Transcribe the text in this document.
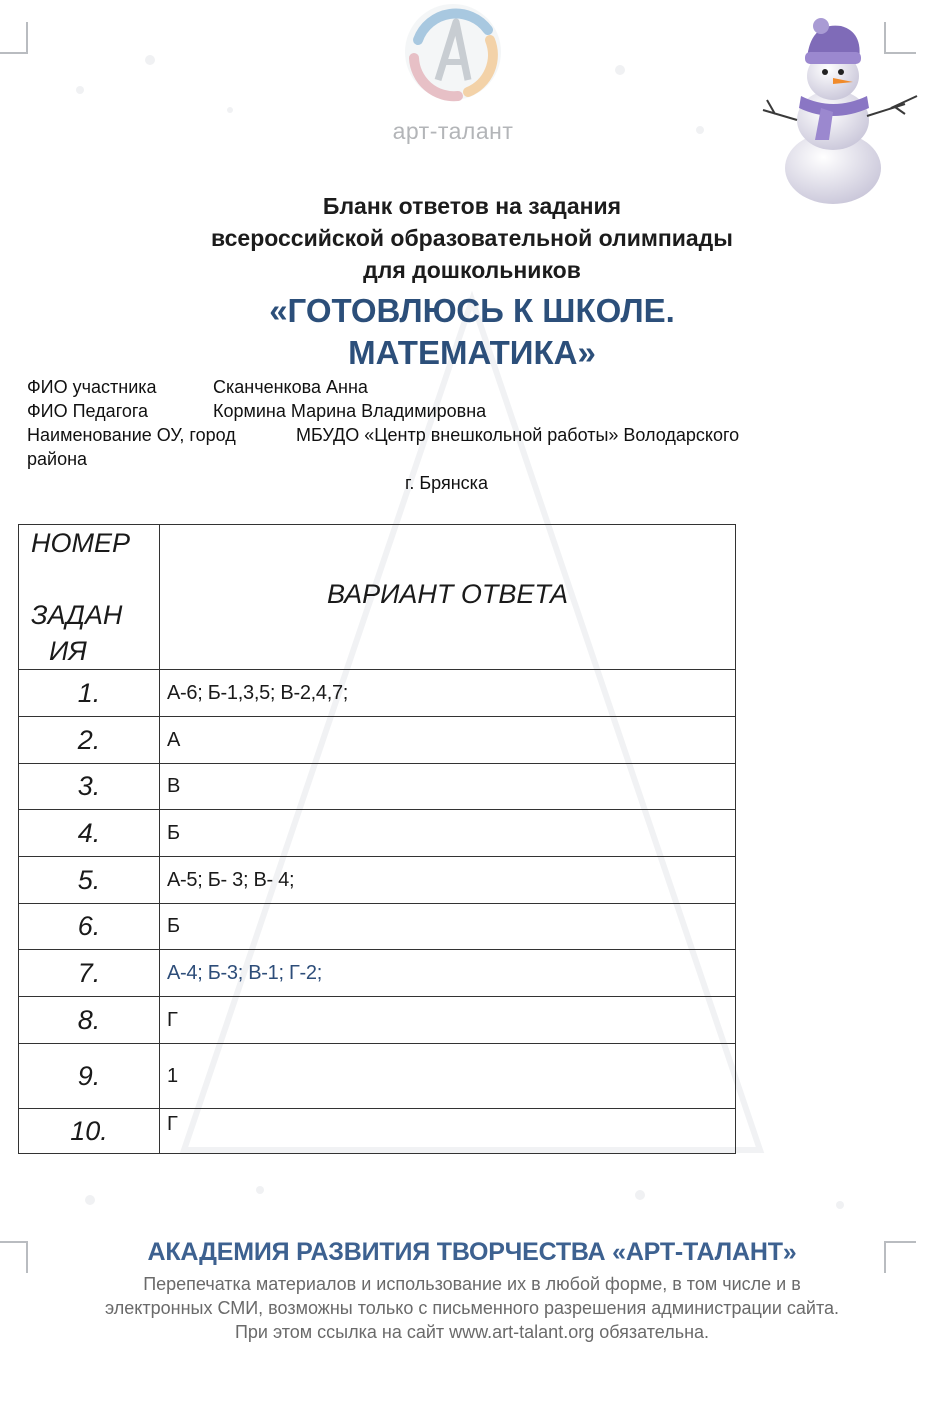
арт-талант
Бланк ответов на задания
всероссийской образовательной олимпиады
для дошкольников
«ГОТОВЛЮСЬ К ШКОЛЕ.
МАТЕМАТИКА»
ФИО участника	Сканченкова Анна
ФИО Педагога	Кормина Марина Владимировна
Наименование ОУ, город	МБУДО «Центр внешкольной работы» Володарского
района
г. Брянска
НОМЕР
ЗАДАН
ИЯ	ВАРИАНТ ОТВЕТА
1.	А-6; Б-1,3,5; В-2,4,7;
2.	А
3.	В
4.	Б
5.	А-5; Б- 3; В- 4;
6.	Б
7.	А-4; Б-3; В-1; Г-2;
8.	Г
9.	1
10.	Г
АКАДЕМИЯ РАЗВИТИЯ ТВОРЧЕСТВА «АРТ-ТАЛАНТ»
Перепечатка материалов и использование их в любой форме, в том числе и в
электронных СМИ, возможны только с письменного разрешения администрации сайта.
При этом ссылка на сайт www.art-talant.org обязательна.
